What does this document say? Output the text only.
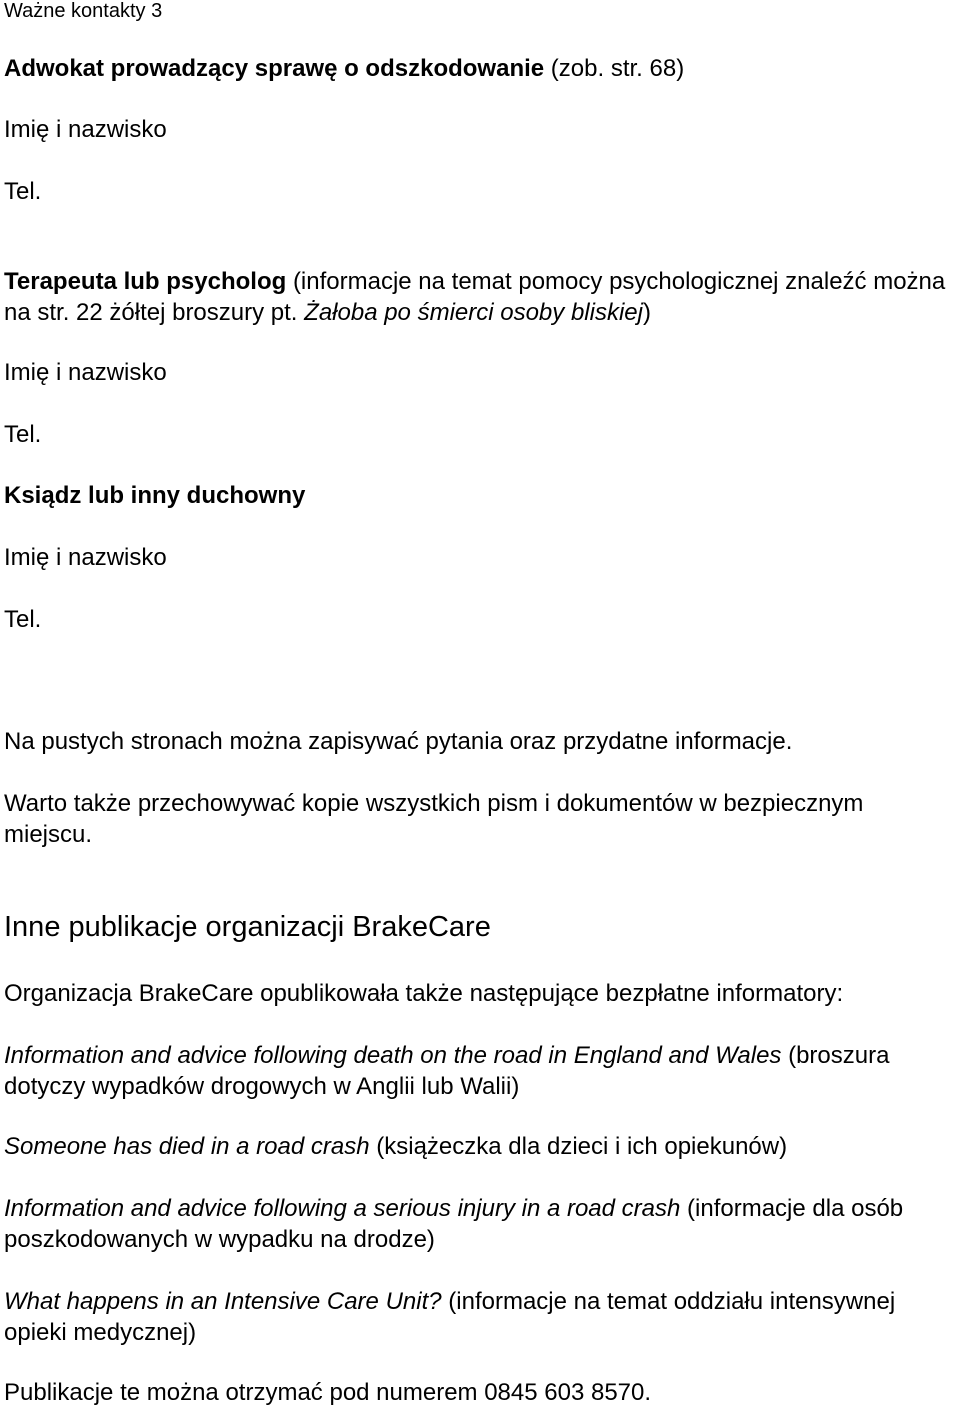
Ważne kontakty 3
Adwokat prowadzący sprawę o odszkodowanie (zob. str. 68)
Imię i nazwisko
Tel.
Terapeuta lub psycholog (informacje na temat pomocy psychologicznej znaleźć można na str. 22 żółtej broszury pt. Żałoba po śmierci osoby bliskiej)
Imię i nazwisko
Tel.
Ksiądz lub inny duchowny
Imię i nazwisko
Tel.
Na pustych stronach można zapisywać pytania oraz przydatne informacje.
Warto także przechowywać kopie wszystkich pism i dokumentów w bezpiecznym miejscu.
Inne publikacje organizacji BrakeCare
Organizacja BrakeCare opublikowała także następujące bezpłatne informatory:
Information and advice following death on the road in England and Wales (broszura dotyczy wypadków drogowych w Anglii lub Walii)
Someone has died in a road crash (książeczka dla dzieci i ich opiekunów)
Information and advice following a serious injury in a road crash (informacje dla osób poszkodowanych w wypadku na drodze)
What happens in an Intensive Care Unit? (informacje na temat oddziału intensywnej opieki medycznej)
Publikacje te można otrzymać pod numerem 0845 603 8570.
